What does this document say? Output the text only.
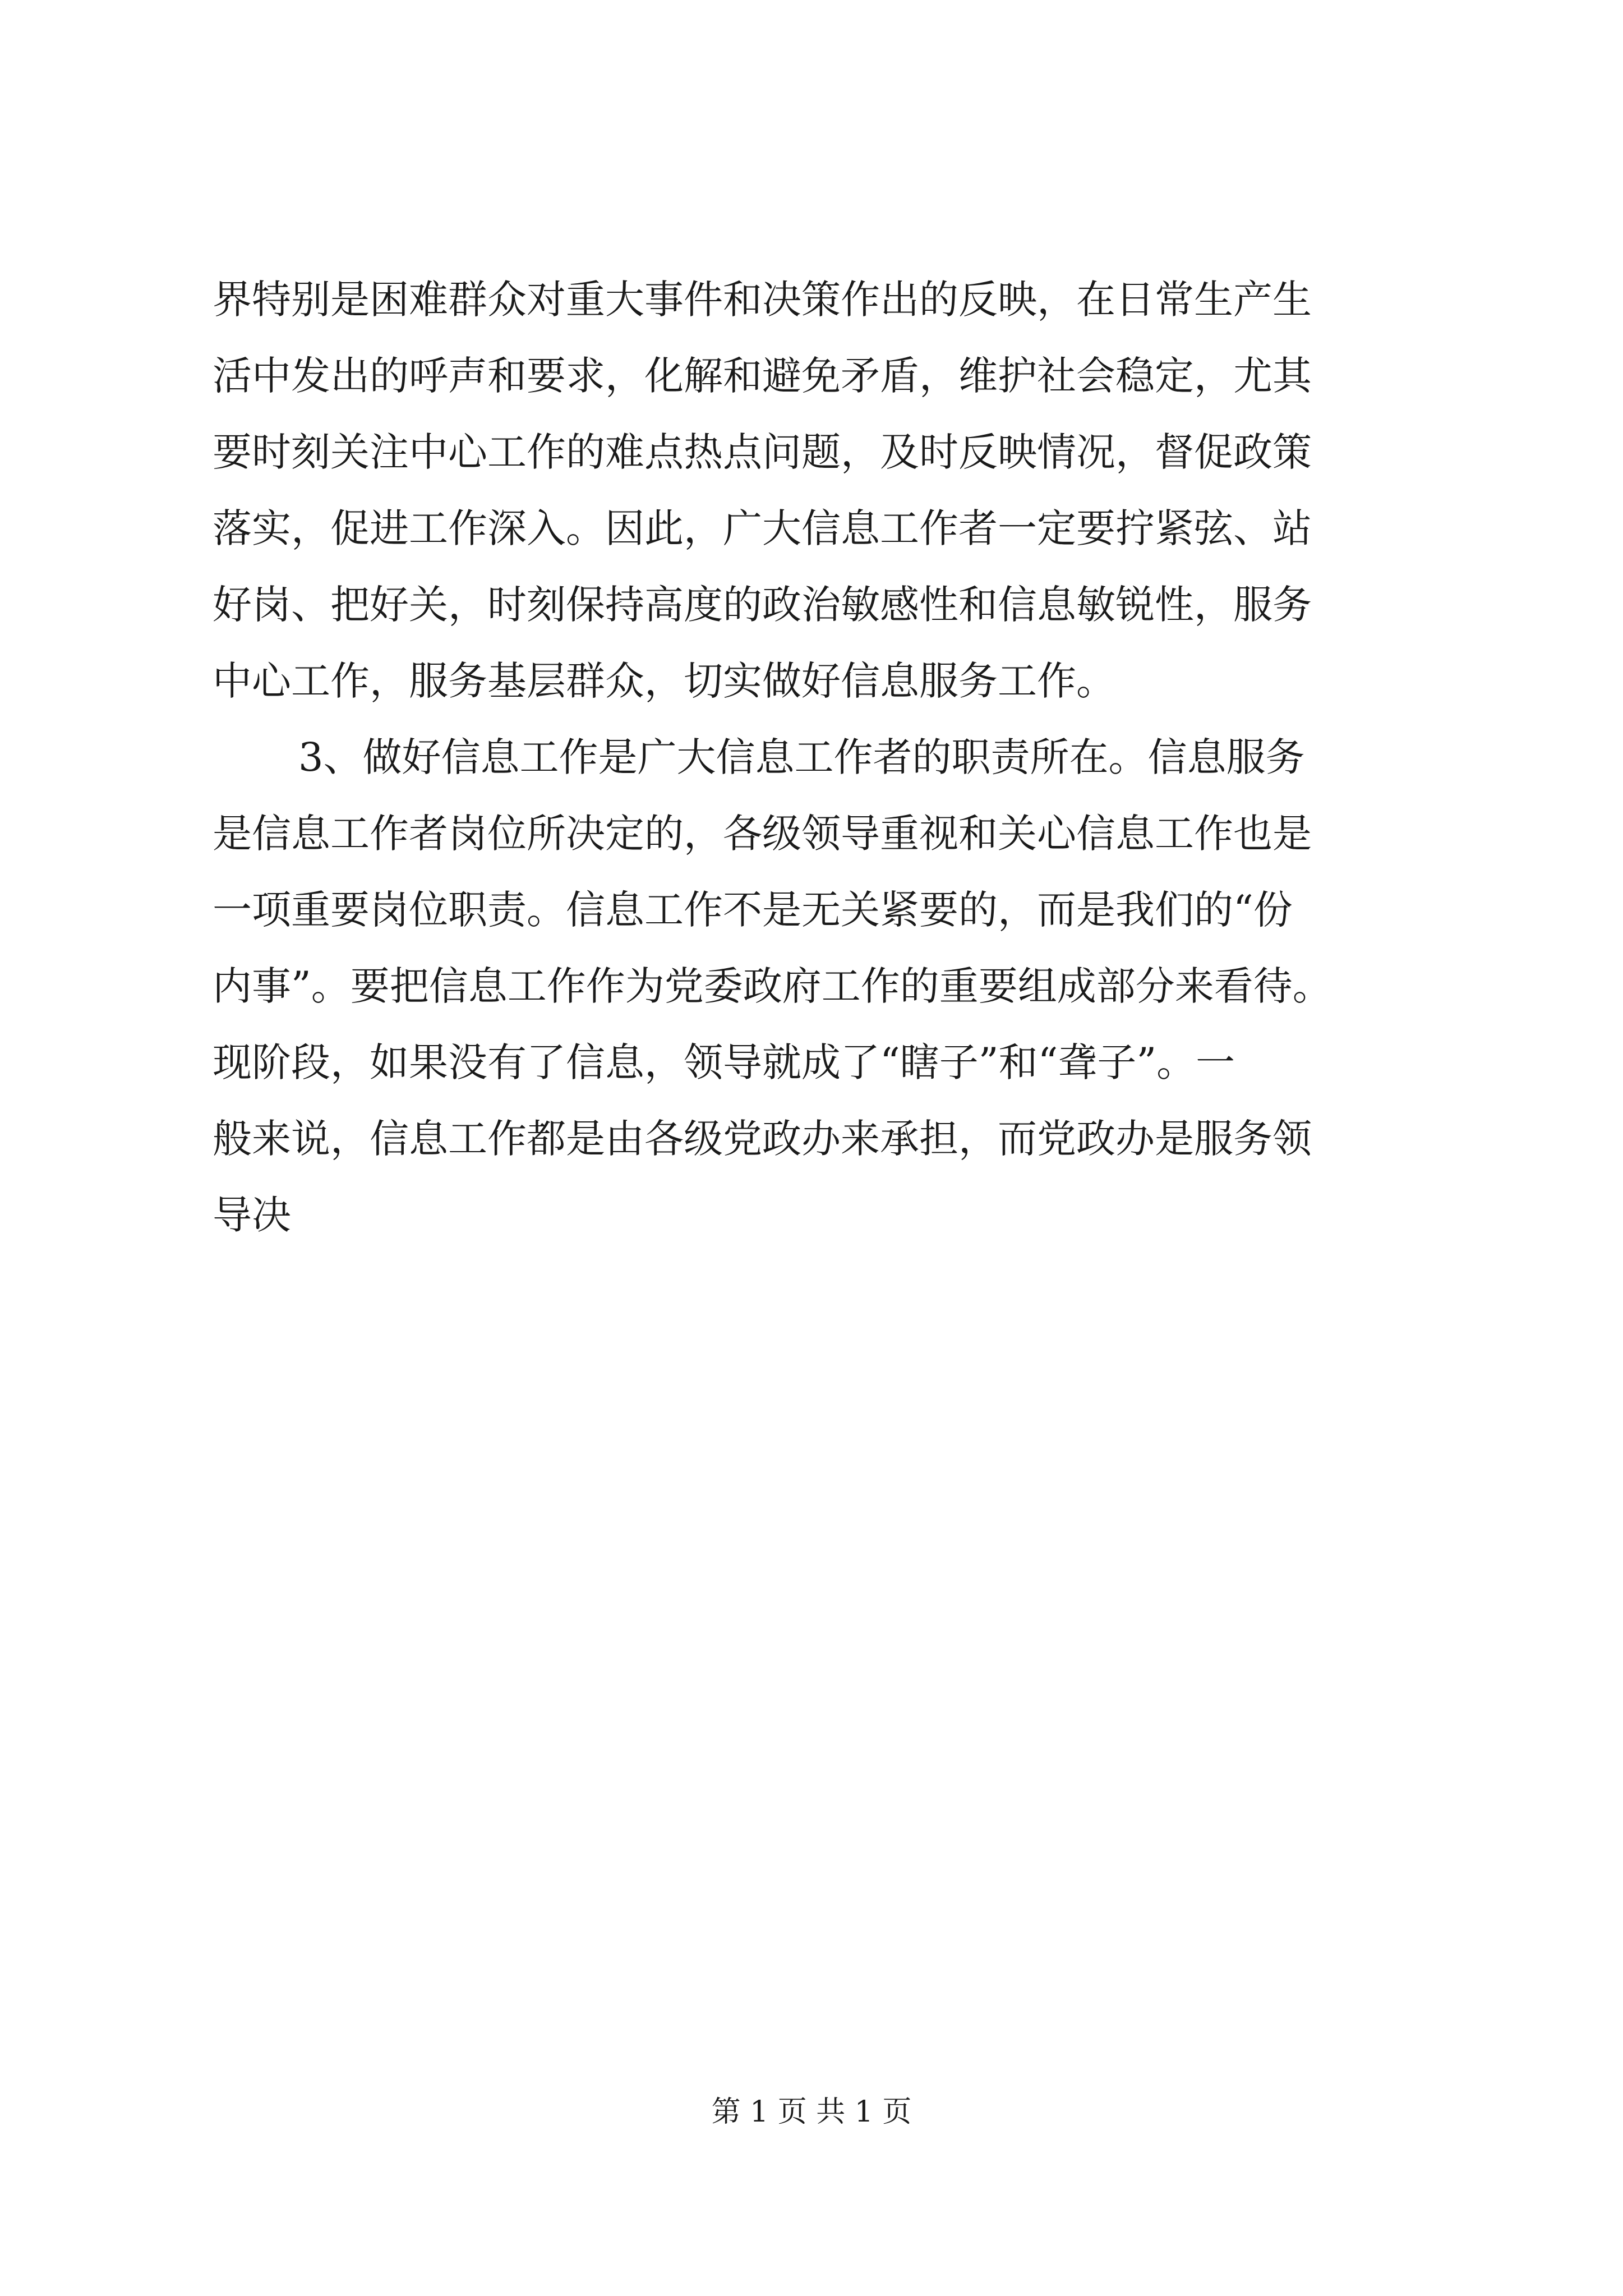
界特别是困难群众对重大事件和决策作出的反映，在日常生产生
活中发出的呼声和要求，化解和避免矛盾，维护社会稳定，尤其
要时刻关注中心工作的难点热点问题，及时反映情况，督促政策
落实，促进工作深入。因此，广大信息工作者一定要拧紧弦、站
好岗、把好关，时刻保持高度的政治敏感性和信息敏锐性，服务
中心工作，服务基层群众，切实做好信息服务工作。
3、做好信息工作是广大信息工作者的职责所在。信息服务
是信息工作者岗位所决定的，各级领导重视和关心信息工作也是
一项重要岗位职责。信息工作不是无关紧要的，而是我们的“份
内事”。要把信息工作作为党委政府工作的重要组成部分来看待。
现阶段，如果没有了信息，领导就成了“瞎子”和“聋子”。一
般来说，信息工作都是由各级党政办来承担，而党政办是服务领
导决
第 1 页 共 1 页
